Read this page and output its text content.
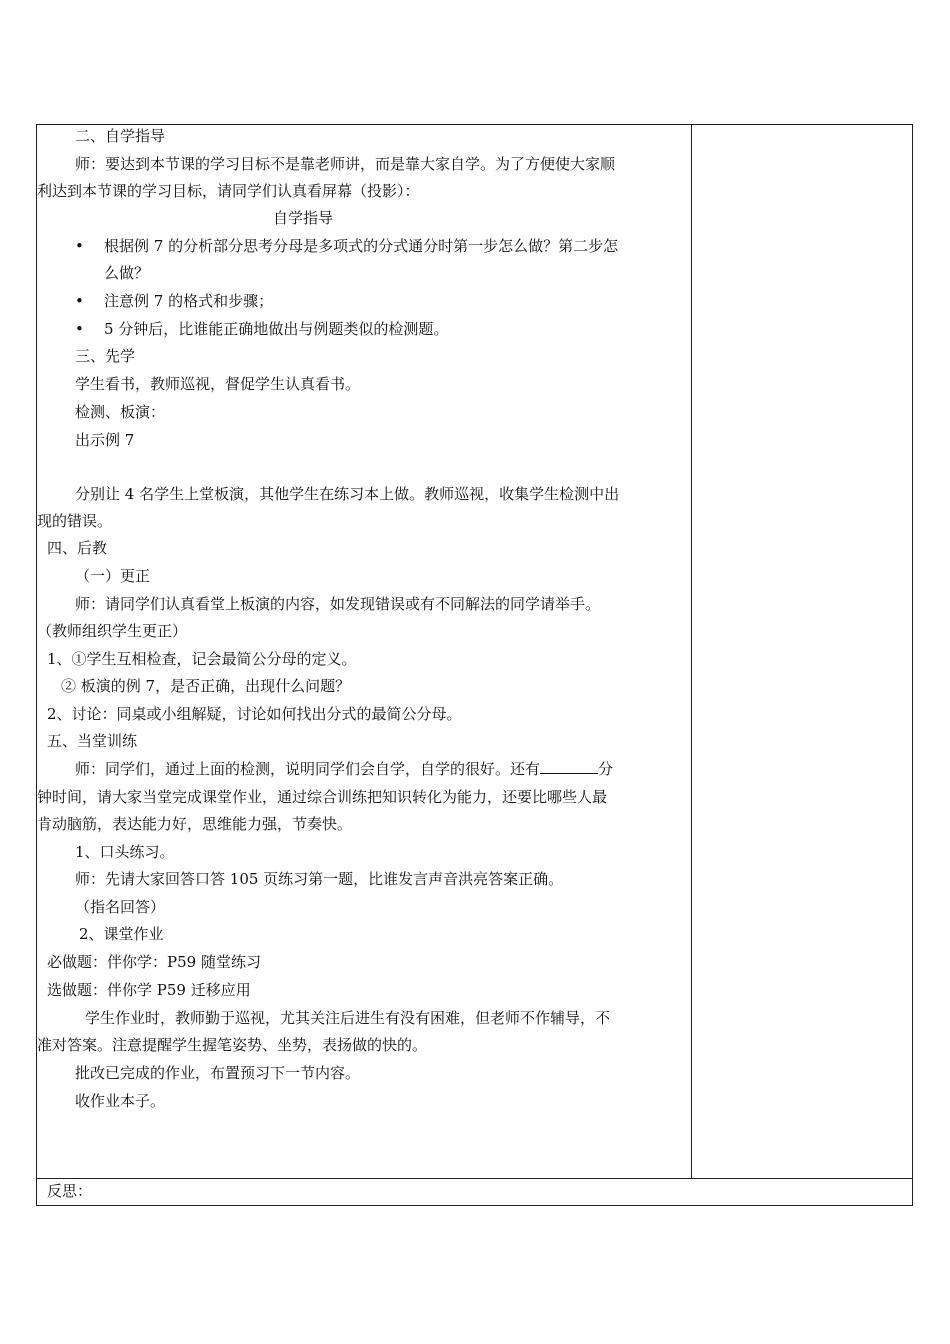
二、自学指导
师：要达到本节课的学习目标不是靠老师讲，而是靠大家自学。为了方便使大家顺
利达到本节课的学习目标，请同学们认真看屏幕（投影）：
自学指导
• 根据例 7 的分析部分思考分母是多项式的分式通分时第一步怎么做？第二步怎
么做？
• 注意例 7 的格式和步骤；
• 5 分钟后，比谁能正确地做出与例题类似的检测题。
三、先学
学生看书，教师巡视，督促学生认真看书。
检测、板演：
出示例 7
分别让 4 名学生上堂板演，其他学生在练习本上做。教师巡视，收集学生检测中出
现的错误。
四、后教
（一）更正
师：请同学们认真看堂上板演的内容，如发现错误或有不同解法的同学请举手。
（教师组织学生更正）
1、①学生互相检查，记会最简公分母的定义。
② 板演的例 7，是否正确，出现什么问题？
2、讨论：同桌或小组解疑，讨论如何找出分式的最简公分母。
五、当堂训练
师：同学们，通过上面的检测，说明同学们会自学，自学的很好。还有	分
钟时间，请大家当堂完成课堂作业，通过综合训练把知识转化为能力，还要比哪些人最
肯动脑筋，表达能力好，思维能力强，节奏快。
1、口头练习。
师：先请大家回答口答 105 页练习第一题，比谁发言声音洪亮答案正确。
（指名回答）
2、课堂作业
必做题：伴你学：P59 随堂练习
选做题：伴你学 P59 迁移应用
学生作业时，教师勤于巡视，尤其关注后进生有没有困难，但老师不作辅导，不
准对答案。注意提醒学生握笔姿势、坐势，表扬做的快的。
批改已完成的作业，布置预习下一节内容。
收作业本子。
反思：
